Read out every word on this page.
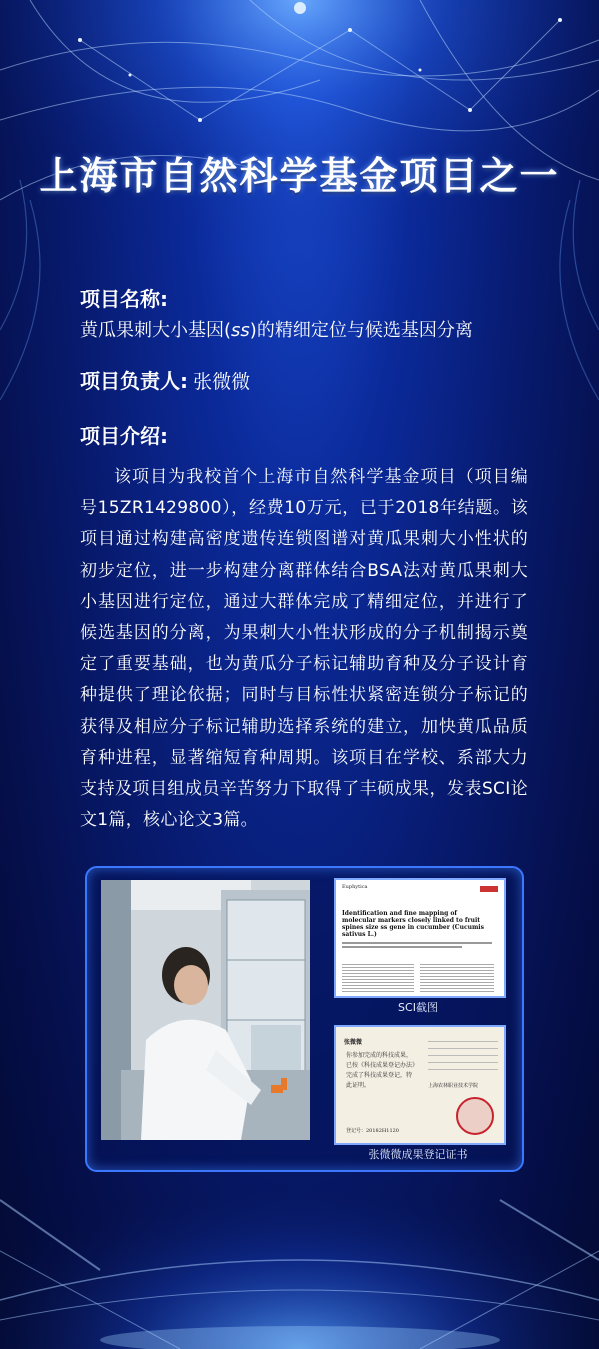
上海市自然科学基金项目之一
项目名称:
黄瓜果刺大小基因(ss)的精细定位与候选基因分离
项目负责人: 张微微
项目介绍:
该项目为我校首个上海市自然科学基金项目（项目编号15ZR1429800），经费10万元，已于2018年结题。该项目通过构建高密度遗传连锁图谱对黄瓜果刺大小性状的初步定位，进一步构建分离群体结合BSA法对黄瓜果刺大小基因进行定位，通过大群体完成了精细定位，并进行了候选基因的分离，为果刺大小性状形成的分子机制揭示奠定了重要基础，也为黄瓜分子标记辅助育种及分子设计育种提供了理论依据；同时与目标性状紧密连锁分子标记的获得及相应分子标记辅助选择系统的建立，加快黄瓜品质育种进程，显著缩短育种周期。该项目在学校、系部大力支持及项目组成员辛苦努力下取得了丰硕成果，发表SCI论文1篇，核心论文3篇。
Euphytica
Identification and fine mapping of molecular markers closely linked to fruit spines size ss gene in cucumber (Cucumis sativus L.)
SCI截图
张微微
你参加完成的科技成果，已按《科技成果登记办法》完成了科技成果登记，特此证明。
登记号：20182H1120
上海农林职业技术学院
张微微成果登记证书
